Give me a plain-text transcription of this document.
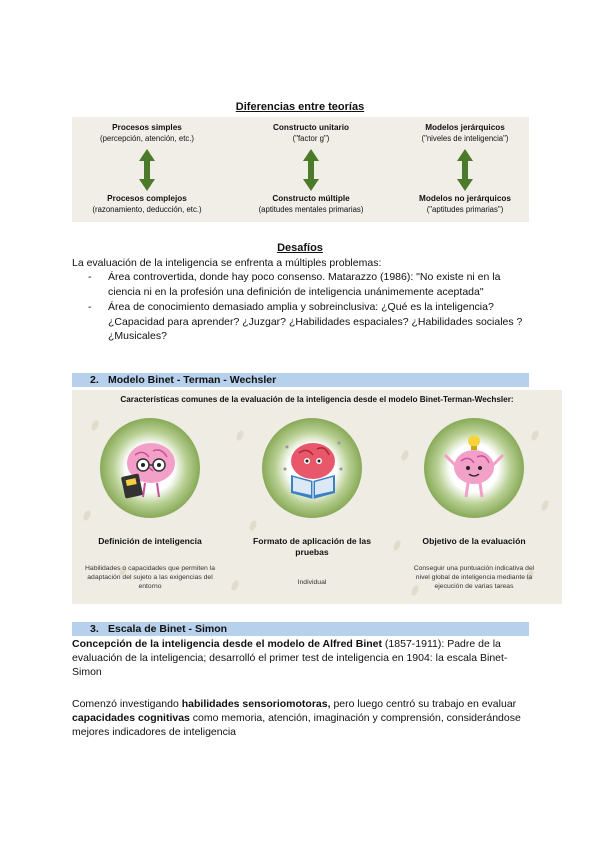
Diferencias entre teorías
Procesos simples
(percepción, atención, etc.)
Procesos complejos
(razonamiento, deducción, etc.)
Constructo unitario
("factor g")
Constructo múltiple
(aptitudes mentales primarias)
Modelos jerárquicos
("niveles de inteligencia")
Modelos no jerárquicos
("aptitudes primarias")
Desafíos
La evaluación de la inteligencia se enfrenta a múltiples problemas:
- Área controvertida, donde hay poco consenso. Matarazzo (1986): "No existe ni en la ciencia ni en la profesión una definición de inteligencia unánimemente aceptada"
- Área de conocimiento demasiado amplia y sobreinclusiva: ¿Qué es la inteligencia? ¿Capacidad para aprender? ¿Juzgar? ¿Habilidades espaciales? ¿Habilidades sociales ?¿Musicales?
2. Modelo Binet - Terman - Wechsler
Características comunes de la evaluación de la inteligencia desde el modelo Binet-Terman-Wechsler:
Definición de inteligencia
Habilidades o capacidades que permiten la adaptación del sujeto a las exigencias del entorno
Formato de aplicación de las pruebas
Individual
Objetivo de la evaluación
Conseguir una puntuación indicativa del nivel global de inteligencia mediante la ejecución de varias tareas
3. Escala de Binet - Simon
Concepción de la inteligencia desde el modelo de Alfred Binet (1857-1911): Padre de la evaluación de la inteligencia; desarrolló el primer test de inteligencia en 1904: la escala Binet-Simon
Comenzó investigando habilidades sensoriomotoras, pero luego centró su trabajo en evaluar capacidades cognitivas como memoria, atención, imaginación y comprensión, considerándose mejores indicadores de inteligencia
